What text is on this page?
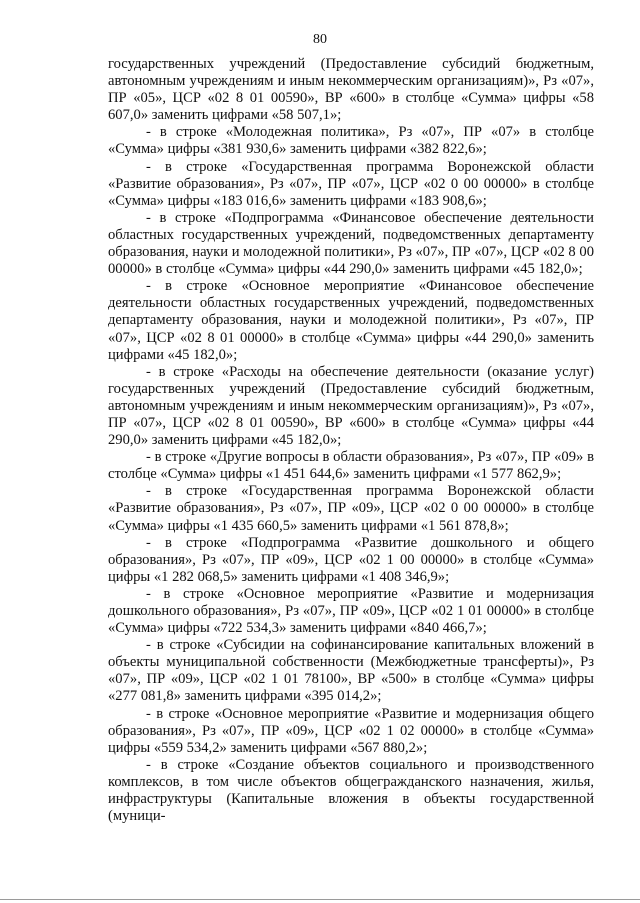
80

государственных учреждений (Предоставление субсидий бюджетным, автономным учреждениям и иным некоммерческим организациям)», Рз «07», ПР «05», ЦСР «02 8 01 00590», ВР «600» в столбце «Сумма» цифры «58 607,0» заменить цифрами «58 507,1»;

- в строке «Молодежная политика», Рз «07», ПР «07» в столбце «Сумма» цифры «381 930,6» заменить цифрами «382 822,6»;

- в строке «Государственная программа Воронежской области «Развитие образования», Рз «07», ПР «07», ЦСР «02 0 00 00000» в столбце «Сумма» цифры «183 016,6» заменить цифрами «183 908,6»;

- в строке «Подпрограмма «Финансовое обеспечение деятельности областных государственных учреждений, подведомственных департаменту образования, науки и молодежной политики», Рз «07», ПР «07», ЦСР «02 8 00 00000» в столбце «Сумма» цифры «44 290,0» заменить цифрами «45 182,0»;

- в строке «Основное мероприятие «Финансовое обеспечение деятельности областных государственных учреждений, подведомственных департаменту образования, науки и молодежной политики», Рз «07», ПР «07», ЦСР «02 8 01 00000» в столбце «Сумма» цифры «44 290,0» заменить цифрами «45 182,0»;

- в строке «Расходы на обеспечение деятельности (оказание услуг) государственных учреждений (Предоставление субсидий бюджетным, автономным учреждениям и иным некоммерческим организациям)», Рз «07», ПР «07», ЦСР «02 8 01 00590», ВР «600» в столбце «Сумма» цифры «44 290,0» заменить цифрами «45 182,0»;

- в строке «Другие вопросы в области образования», Рз «07», ПР «09» в столбце «Сумма» цифры «1 451 644,6» заменить цифрами «1 577 862,9»;

- в строке «Государственная программа Воронежской области «Развитие образования», Рз «07», ПР «09», ЦСР «02 0 00 00000» в столбце «Сумма» цифры «1 435 660,5» заменить цифрами «1 561 878,8»;

- в строке «Подпрограмма «Развитие дошкольного и общего образования», Рз «07», ПР «09», ЦСР «02 1 00 00000» в столбце «Сумма» цифры «1 282 068,5» заменить цифрами «1 408 346,9»;

- в строке «Основное мероприятие «Развитие и модернизация дошкольного образования», Рз «07», ПР «09», ЦСР «02 1 01 00000» в столбце «Сумма» цифры «722 534,3» заменить цифрами «840 466,7»;

- в строке «Субсидии на софинансирование капитальных вложений в объекты муниципальной собственности (Межбюджетные трансферты)», Рз «07», ПР «09», ЦСР «02 1 01 78100», ВР «500» в столбце «Сумма» цифры «277 081,8» заменить цифрами «395 014,2»;

- в строке «Основное мероприятие «Развитие и модернизация общего образования», Рз «07», ПР «09», ЦСР «02 1 02 00000» в столбце «Сумма» цифры «559 534,2» заменить цифрами «567 880,2»;

- в строке «Создание объектов социального и производственного комплексов, в том числе объектов общегражданского назначения, жилья, инфраструктуры (Капитальные вложения в объекты государственной (муници-
